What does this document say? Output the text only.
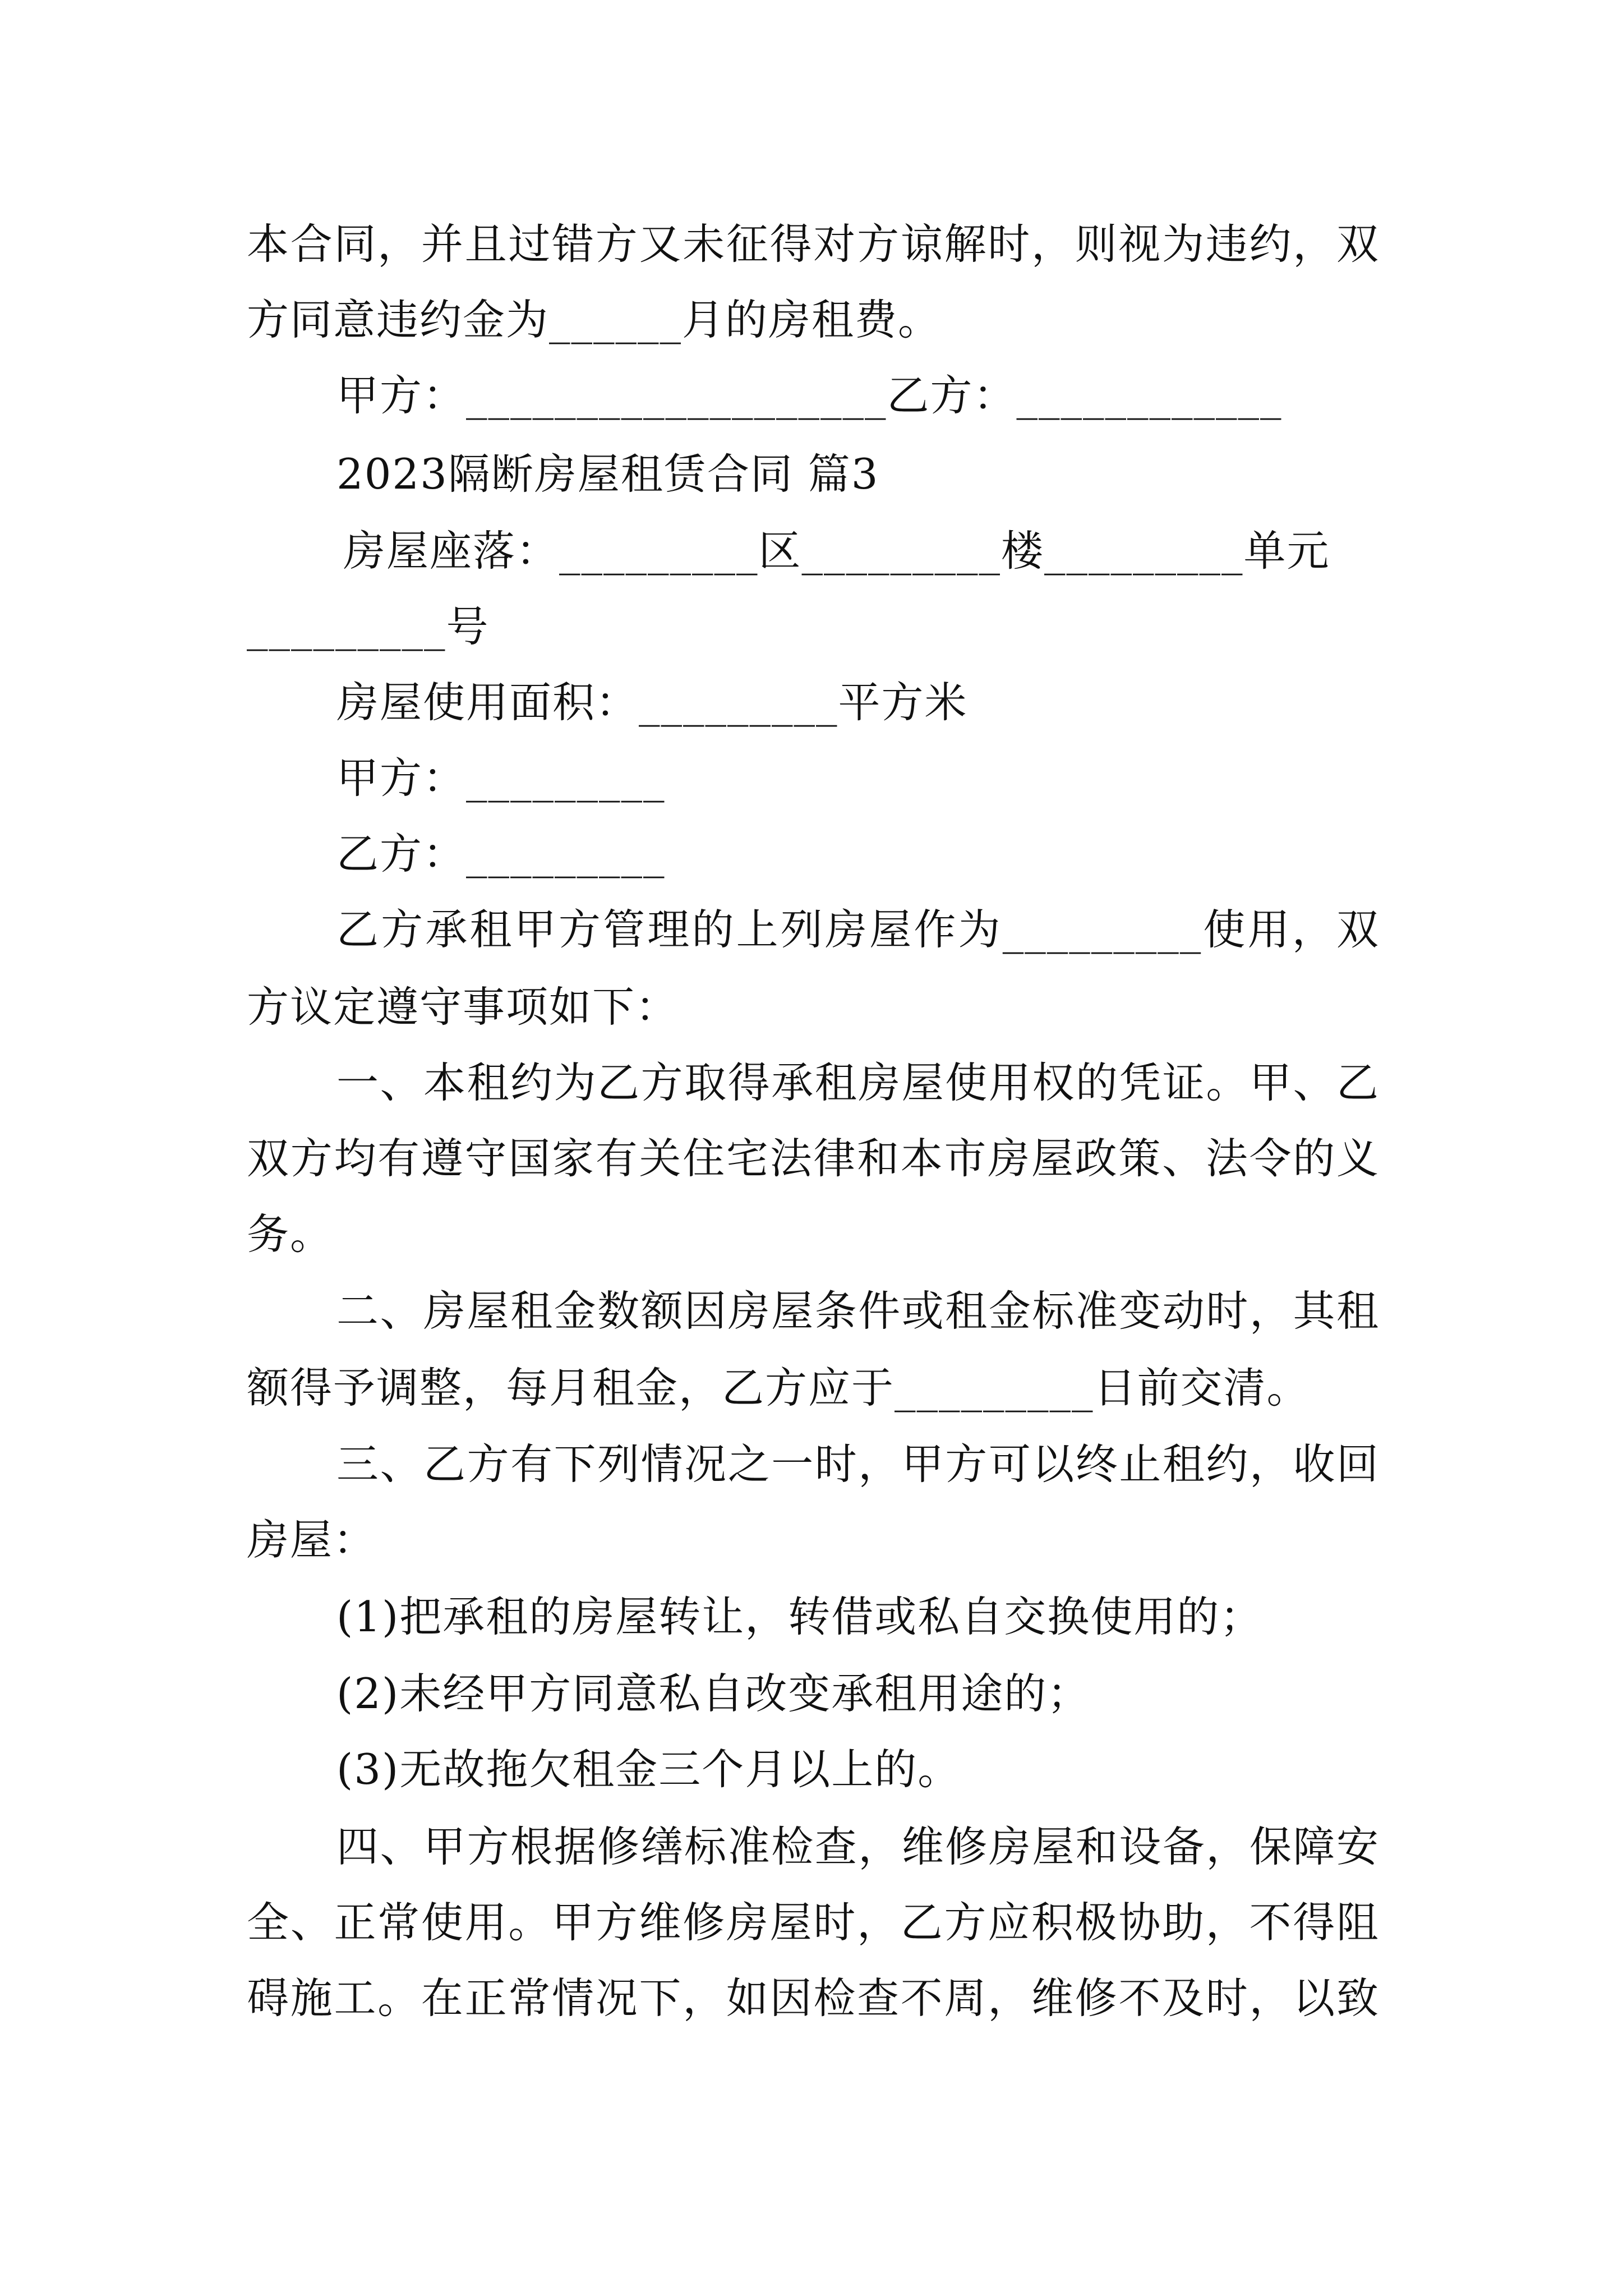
本合同，并且过错方又未征得对方谅解时，则视为违约，双
方同意违约金为______月的房租费。
甲方：___________________乙方：____________
2023隔断房屋租赁合同 篇3
房屋座落：_________区_________楼_________单元
_________号
房屋使用面积：_________平方米
甲方：_________
乙方：_________
乙方承租甲方管理的上列房屋作为_________使用，双
方议定遵守事项如下：
一、本租约为乙方取得承租房屋使用权的凭证。甲、乙
双方均有遵守国家有关住宅法律和本市房屋政策、法令的义
务。
二、房屋租金数额因房屋条件或租金标准变动时，其租
额得予调整，每月租金，乙方应于_________日前交清。
三、乙方有下列情况之一时，甲方可以终止租约，收回
房屋：
(1)把承租的房屋转让，转借或私自交换使用的；
(2)未经甲方同意私自改变承租用途的；
(3)无故拖欠租金三个月以上的。
四、甲方根据修缮标准检查，维修房屋和设备，保障安
全、正常使用。甲方维修房屋时，乙方应积极协助，不得阻
碍施工。在正常情况下，如因检查不周，维修不及时，以致
